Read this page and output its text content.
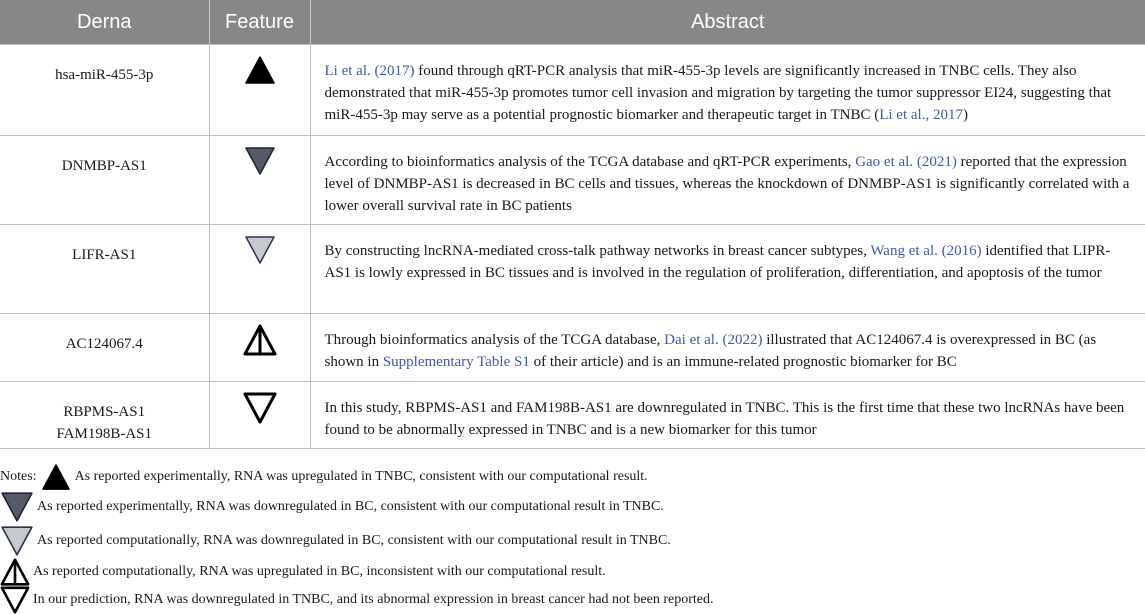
Derna	Feature	Abstract

hsa-miR-455-3p		Li et al. (2017) found through qRT-PCR analysis that miR-455-3p levels are significantly increased in TNBC cells. They also demonstrated that miR-455-3p promotes tumor cell invasion and migration by targeting the tumor suppressor EI24, suggesting that miR-455-3p may serve as a potential prognostic biomarker and therapeutic target in TNBC (Li et al., 2017)

DNMBP-AS1		According to bioinformatics analysis of the TCGA database and qRT-PCR experiments, Gao et al. (2021) reported that the expression level of DNMBP-AS1 is decreased in BC cells and tissues, whereas the knockdown of DNMBP-AS1 is significantly correlated with a lower overall survival rate in BC patients

LIFR-AS1		By constructing lncRNA-mediated cross-talk pathway networks in breast cancer subtypes, Wang et al. (2016) identified that LIPR-AS1 is lowly expressed in BC tissues and is involved in the regulation of proliferation, differentiation, and apoptosis of the tumor

AC124067.4		Through bioinformatics analysis of the TCGA database, Dai et al. (2022) illustrated that AC124067.4 is overexpressed in BC (as shown in Supplementary Table S1 of their article) and is an immune-related prognostic biomarker for BC

RBPMS-AS1
FAM198B-AS1		In this study, RBPMS-AS1 and FAM198B-AS1 are downregulated in TNBC. This is the first time that these two lncRNAs have been found to be abnormally expressed in TNBC and is a new biomarker for this tumor
Notes:	As reported experimentally, RNA was upregulated in TNBC, consistent with our computational result.
As reported experimentally, RNA was downregulated in BC, consistent with our computational result in TNBC.
As reported computationally, RNA was downregulated in BC, consistent with our computational result in TNBC.
As reported computationally, RNA was upregulated in BC, inconsistent with our computational result.
In our prediction, RNA was downregulated in TNBC, and its abnormal expression in breast cancer had not been reported.
